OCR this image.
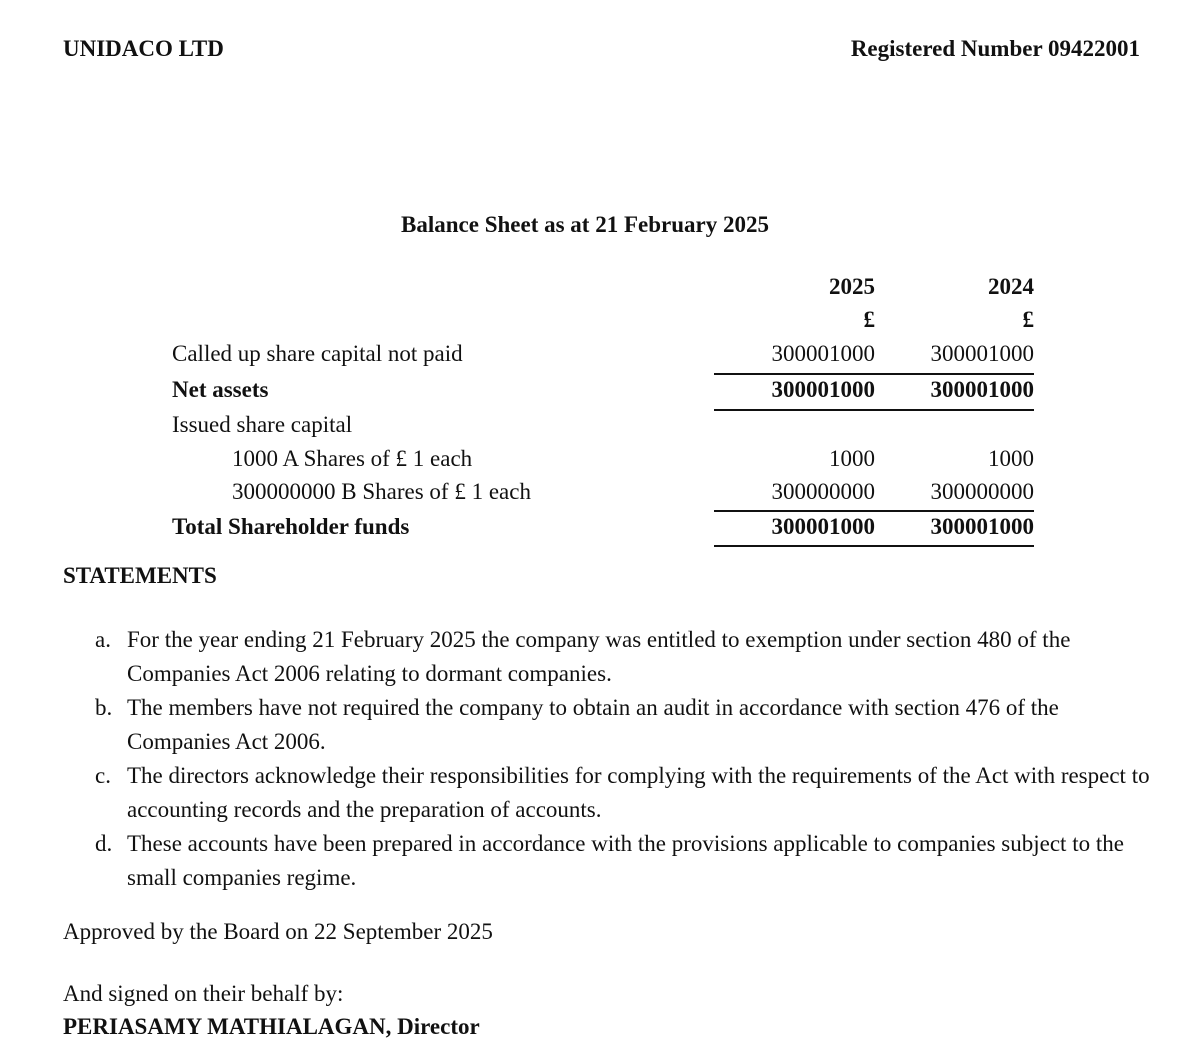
UNIDACO LTD	Registered Number 09422001
Balance Sheet as at 21 February 2025
2025	2024
£	£
Called up share capital not paid	300001000 300001000
Net assets	300001000 300001000
Issued share capital
1000 A Shares of £ 1 each	1000	1000
300000000 B Shares of £ 1 each	300000000 300000000
Total Shareholder funds	300001000 300001000
STATEMENTS
a. For the year ending 21 February 2025 the company was entitled to exemption under section 480 of the Companies Act 2006 relating to dormant companies.
b. The members have not required the company to obtain an audit in accordance with section 476 of the Companies Act 2006.
c. The directors acknowledge their responsibilities for complying with the requirements of the Act with respect to accounting records and the preparation of accounts.
d. These accounts have been prepared in accordance with the provisions applicable to companies subject to the small companies regime.
Approved by the Board on 22 September 2025
And signed on their behalf by:
PERIASAMY MATHIALAGAN, Director
